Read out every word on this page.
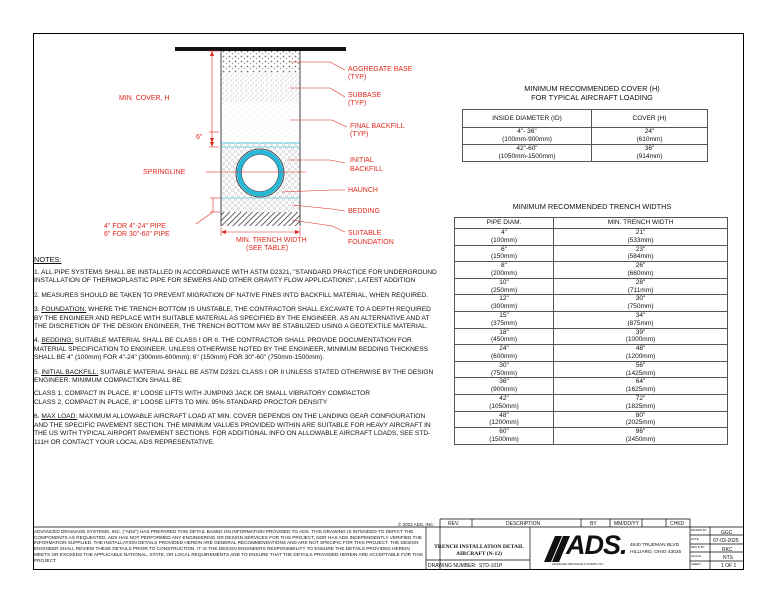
MIN. COVER, H
6"
SPRINGLINE
4" FOR 4"-24" PIPE
6" FOR 30"-60" PIPE
MIN. TRENCH WIDTH
(SEE TABLE)
AGGREGATE BASE
(TYP)
SUBBASE
(TYP)
FINAL BACKFILL
(TYP)
INITIAL
BACKFILL
HAUNCH
BEDDING
SUITABLE
FOUNDATION
MINIMUM RECOMMENDED COVER (H)
FOR TYPICAL AIRCRAFT LOADING
INSIDE DIAMETER (ID)	COVER (H)
4"- 36"	24"
(100mm-900mm)	(610mm)
42"-60"	36"
(1050mm-1500mm)	(914mm)
MINIMUM RECOMMENDED TRENCH WIDTHS
PIPE DIAM.	MIN. TRENCH WIDTH
4"	21"
(100mm)	(533mm)
6"	23"
(150mm)	(584mm)
8"	26"
(200mm)	(660mm)
10"	28"
(250mm)	(711mm)
12"	30"
(300mm)	(750mm)
15"	34"
(375mm)	(875mm)
18"	39"
(450mm)	(1000mm)
24"	48"
(600mm)	(1200mm)
30"	56"
(750mm)	(1425mm)
36"	64"
(900mm)	(1625mm)
42"	72"
(1050mm)	(1825mm)
48"	80"
(1200mm)	(2025mm)
60"	96"
(1500mm)	(2450mm)
NOTES:

1. ALL PIPE SYSTEMS SHALL BE INSTALLED IN ACCORDANCE WITH ASTM D2321, "STANDARD PRACTICE FOR UNDERGROUND INSTALLATION OF THERMOPLASTIC PIPE FOR SEWERS AND OTHER GRAVITY FLOW APPLICATIONS", LATEST ADDITION

2. MEASURES SHOULD BE TAKEN TO PREVENT MIGRATION OF NATIVE FINES INTO BACKFILL MATERIAL, WHEN REQUIRED.

3. FOUNDATION: WHERE THE TRENCH BOTTOM IS UNSTABLE, THE CONTRACTOR SHALL EXCAVATE TO A DEPTH REQUIRED BY THE ENGINEER AND REPLACE WITH SUITABLE MATERIAL AS SPECIFIED BY THE ENGINEER. AS AN ALTERNATIVE AND AT THE DISCRETION OF THE DESIGN ENGINEER, THE TRENCH BOTTOM MAY BE STABILIZED USING A GEOTEXTILE MATERIAL.

4. BEDDING: SUITABLE MATERIAL SHALL BE CLASS I OR II. THE CONTRACTOR SHALL PROVIDE DOCUMENTATION FOR MATERIAL SPECIFICATION TO ENGINEER. UNLESS OTHERWISE NOTED BY THE ENGINEER, MINIMUM BEDDING THICKNESS SHALL BE 4" (100mm) FOR 4"-24" (300mm-600mm); 6" (150mm) FOR 30"-60" (750mm-1500mm).

5. INITIAL BACKFILL: SUITABLE MATERIAL SHALL BE ASTM D2321 CLASS I OR II UNLESS STATED OTHERWISE BY THE DESIGN ENGINEER. MINIMUM COMPACTION SHALL BE:

CLASS 1, COMPACT IN PLACE, 8" LOOSE LIFTS WITH JUMPING JACK OR SMALL VIBRATORY COMPACTOR

CLASS 2, COMPACT IN PLACE, 8" LOOSE LIFTS TO MIN. 95% STANDARD PROCTOR DENSITY

6. MAX LOAD: MAXIMUM ALLOWABLE AIRCRAFT LOAD AT MIN. COVER DEPENDS ON THE LANDING GEAR CONFIGURATION AND THE SPECIFIC PAVEMENT SECTION. THE MINIMUM VALUES PROVIDED WITHIN ARE SUITABLE FOR HEAVY AIRCRAFT IN THE US WITH TYPICAL AIRPORT PAVEMENT SECTIONS. FOR ADDITIONAL INFO ON ALLOWABLE AIRCRAFT LOADS, SEE STD-111H OR CONTACT YOUR LOCAL ADS REPRESENTATIVE.

© 2022 ADS, INC.
ADVANCED DRAINAGE SYSTEMS, INC. ("ADS") HAS PREPARED THIS DETAIL BASED ON INFORMATION PROVIDED TO ADS. THIS DRAWING IS INTENDED TO DEPICT THE COMPONENTS AS REQUESTED. ADS HAS NOT PERFORMED ANY ENGINEERING OR DESIGN SERVICES FOR THIS PROJECT, NOR HAS ADS INDEPENDENTLY VERIFIED THE INFORMATION SUPPLIED. THE INSTALLATION DETAILS PROVIDED HEREIN ARE GENERAL RECOMMENDATIONS AND ARE NOT SPECIFIC FOR THIS PROJECT. THE DESIGN ENGINEER SHALL REVIEW THESE DETAILS PRIOR TO CONSTRUCTION. IT IS THE DESIGN ENGINEERS RESPONSIBILITY TO ENSURE THE DETAILS PROVIDED HEREIN MEETS OR EXCEEDS THE APPLICABLE NATIONAL, STATE, OR LOCAL REQUIREMENTS AND TO ENSURE THAT THE DETAILS PROVIDED HEREIN ARE ACCEPTABLE FOR THIS PROJECT.
REV.	DESCRIPTION	BY	MM/DD/YY	CHKD
TRENCH INSTALLATION DETAIL
AIRCRAFT (N-12)
DRAWING NUMBER: STD-101P
ADS.
ADVANCED DRAINAGE SYSTEMS, INC.
4640 TRUEMAN BLVD
HILLIARD, OHIO 43026
DRAWN BY	GGC
DATE	07-03-2025
REV'D BY	RKC
SCALE	NTS
SHEET	1 OF 1
